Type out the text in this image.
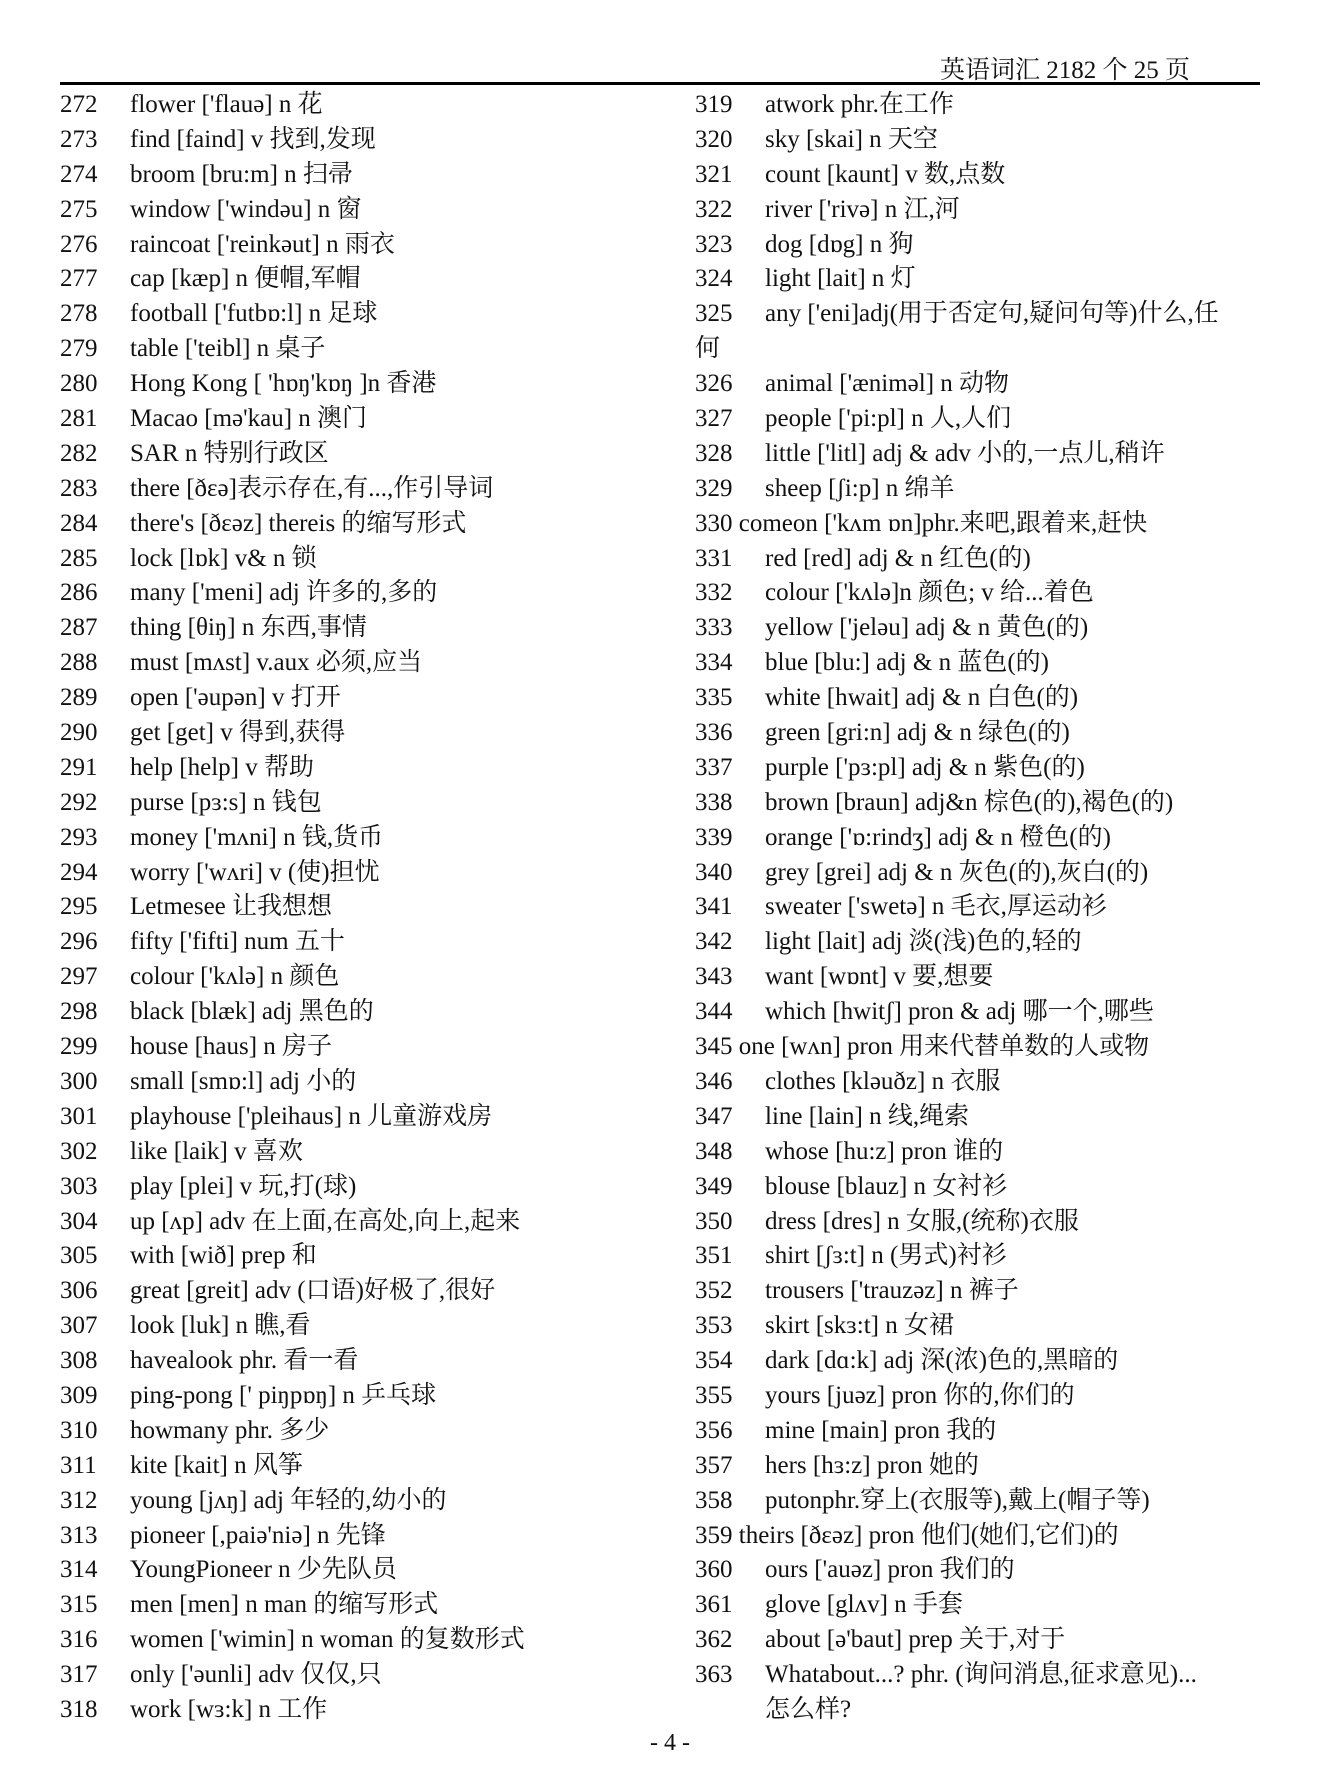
英语词汇 2182 个 25 页
272	flower ['flauə] n 花
273	find [faind] v 找到,发现
274	broom [bru:m] n 扫帚
275	window ['windəu] n 窗
276	raincoat ['reinkəut] n 雨衣
277	cap [kæp] n 便帽,军帽
278	football ['futbɒ:l] n 足球
279	table ['teibl] n 桌子
280	Hong Kong [ 'hɒŋ'kɒŋ ]n 香港
281	Macao [mə'kau] n 澳门
282	SAR n 特别行政区
283	there [ðεə]表示存在,有...,作引导词
284	there's [ðεəz] thereis 的缩写形式
285	lock [lɒk] v& n 锁
286	many ['meni] adj 许多的,多的
287	thing [θiŋ] n 东西,事情
288	must [mʌst] v.aux 必须,应当
289	open ['əupən] v 打开
290	get [get] v 得到,获得
291	help [help] v 帮助
292	purse [pɜ:s] n 钱包
293	money ['mʌni] n 钱,货币
294	worry ['wʌri] v (使)担忧
295	Letmesee 让我想想
296	fifty ['fifti] num 五十
297	colour ['kʌlə] n 颜色
298	black [blæk] adj 黑色的
299	house [haus] n 房子
300	small [smɒ:l] adj 小的
301	playhouse ['pleihaus] n 儿童游戏房
302	like [laik] v 喜欢
303	play [plei] v 玩,打(球)
304	up [ʌp] adv 在上面,在高处,向上,起来
305	with [wið] prep 和
306	great [greit] adv (口语)好极了,很好
307	look [luk] n 瞧,看
308	havealook phr. 看一看
309	ping-pong [' piŋpɒŋ] n 乒乓球
310	howmany phr. 多少
311	kite [kait] n 风筝
312	young [jʌŋ] adj 年轻的,幼小的
313	pioneer [,paiə'niə] n 先锋
314	YoungPioneer n 少先队员
315	men [men] n man 的缩写形式
316	women ['wimin] n woman 的复数形式
317	only ['əunli] adv 仅仅,只
318	work [wɜ:k] n 工作
319	atwork phr.在工作
320	sky [skai] n 天空
321	count [kaunt] v 数,点数
322	river ['rivə] n 江,河
323	dog [dɒg] n 狗
324	light [lait] n 灯
325	any ['eni]adj(用于否定句,疑问句等)什么,任
何
326	animal ['æniməl] n 动物
327	people ['pi:pl] n 人,人们
328	little ['litl] adj & adv 小的,一点儿,稍许
329	sheep [ʃi:p] n 绵羊
330 comeon ['kʌm ɒn]phr.来吧,跟着来,赶快
331	red [red] adj & n 红色(的)
332	colour ['kʌlə]n 颜色; v 给...着色
333	yellow ['jeləu] adj & n 黄色(的)
334	blue [blu:] adj & n 蓝色(的)
335	white [hwait] adj & n 白色(的)
336	green [gri:n] adj & n 绿色(的)
337	purple ['pɜ:pl] adj & n 紫色(的)
338	brown [braun] adj&n 棕色(的),褐色(的)
339	orange ['ɒ:rindʒ] adj & n 橙色(的)
340	grey [grei] adj & n 灰色(的),灰白(的)
341	sweater ['swetə] n 毛衣,厚运动衫
342	light [lait] adj 淡(浅)色的,轻的
343	want [wɒnt] v 要,想要
344	which [hwitʃ] pron & adj 哪一个,哪些
345 one [wʌn] pron 用来代替单数的人或物
346	clothes [kləuðz] n 衣服
347	line [lain] n 线,绳索
348	whose [hu:z] pron 谁的
349	blouse [blauz] n 女衬衫
350	dress [dres] n 女服,(统称)衣服
351	shirt [ʃɜ:t] n (男式)衬衫
352	trousers ['trauzəz] n 裤子
353	skirt [skɜ:t] n 女裙
354	dark [dɑ:k] adj 深(浓)色的,黑暗的
355	yours [juəz] pron 你的,你们的
356	mine [main] pron 我的
357	hers [hɜ:z] pron 她的
358	putonphr.穿上(衣服等),戴上(帽子等)
359 theirs [ðεəz] pron 他们(她们,它们)的
360	ours ['auəz] pron 我们的
361	glove [glʌv] n 手套
362	about [ə'baut] prep 关于,对于
363	Whatabout...? phr. (询问消息,征求意见)...
怎么样?
- 4 -
